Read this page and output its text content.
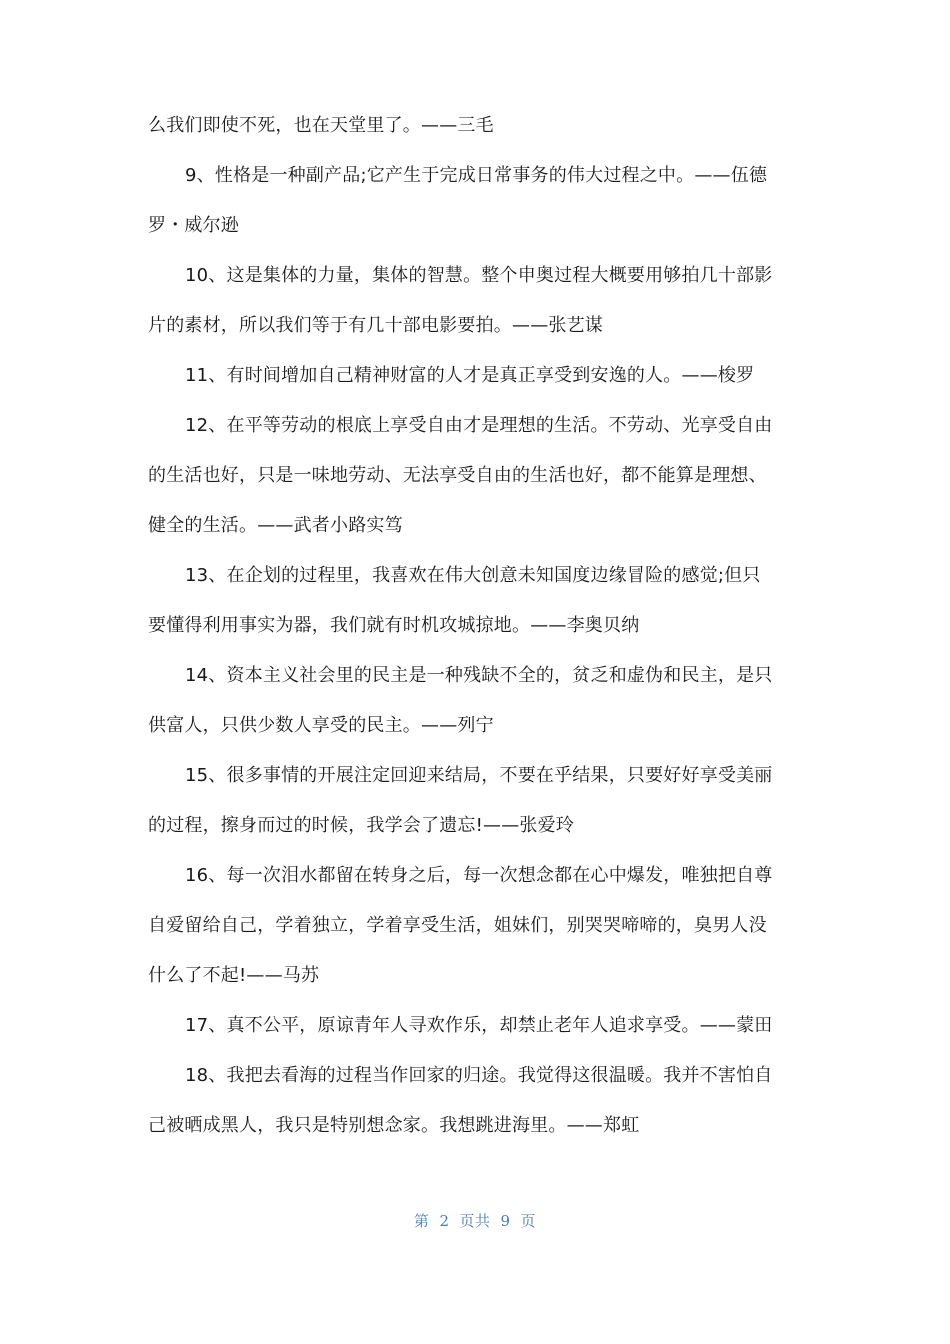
么我们即使不死，也在天堂里了。——三毛
9、性格是一种副产品;它产生于完成日常事务的伟大过程之中。——伍德
罗・威尔逊
10、这是集体的力量，集体的智慧。整个申奥过程大概要用够拍几十部影
片的素材，所以我们等于有几十部电影要拍。——张艺谋
11、有时间增加自己精神财富的人才是真正享受到安逸的人。——梭罗
12、在平等劳动的根底上享受自由才是理想的生活。不劳动、光享受自由
的生活也好，只是一味地劳动、无法享受自由的生活也好，都不能算是理想、
健全的生活。——武者小路实笃
13、在企划的过程里，我喜欢在伟大创意未知国度边缘冒险的感觉;但只
要懂得利用事实为器，我们就有时机攻城掠地。——李奥贝纳
14、资本主义社会里的民主是一种残缺不全的，贫乏和虚伪和民主，是只
供富人，只供少数人享受的民主。——列宁
15、很多事情的开展注定回迎来结局，不要在乎结果，只要好好享受美丽
的过程，擦身而过的时候，我学会了遗忘!——张爱玲
16、每一次泪水都留在转身之后，每一次想念都在心中爆发，唯独把自尊
自爱留给自己，学着独立，学着享受生活，姐妹们，别哭哭啼啼的，臭男人没
什么了不起!——马苏
17、真不公平，原谅青年人寻欢作乐，却禁止老年人追求享受。——蒙田
18、我把去看海的过程当作回家的归途。我觉得这很温暖。我并不害怕自
己被晒成黑人，我只是特别想念家。我想跳进海里。——郑虹
第 2 页共 9 页
